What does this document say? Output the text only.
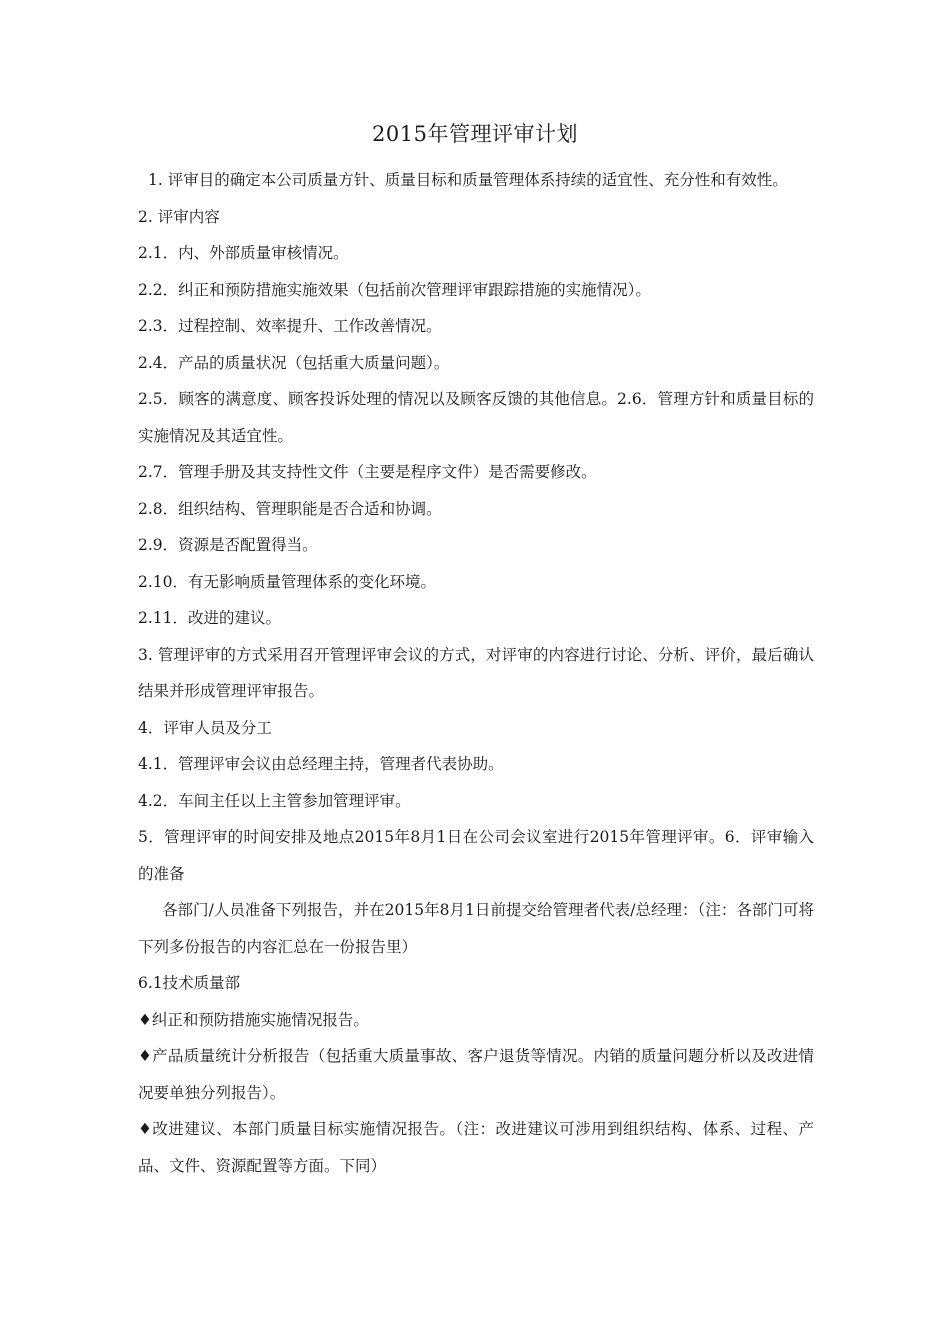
2015年管理评审计划

1. 评审目的确定本公司质量方针、质量目标和质量管理体系持续的适宜性、充分性和有效性。

2. 评审内容

2.1．内、外部质量审核情况。

2.2．纠正和预防措施实施效果（包括前次管理评审跟踪措施的实施情况）。

2.3．过程控制、效率提升、工作改善情况。

2.4．产品的质量状况（包括重大质量问题）。

2.5．顾客的满意度、顾客投诉处理的情况以及顾客反馈的其他信息。2.6．管理方针和质量目标的实施情况及其适宜性。

2.7．管理手册及其支持性文件（主要是程序文件）是否需要修改。

2.8．组织结构、管理职能是否合适和协调。

2.9．资源是否配置得当。

2.10．有无影响质量管理体系的变化环境。

2.11．改进的建议。

3. 管理评审的方式采用召开管理评审会议的方式，对评审的内容进行讨论、分析、评价，最后确认结果并形成管理评审报告。

4．评审人员及分工

4.1．管理评审会议由总经理主持，管理者代表协助。

4.2．车间主任以上主管参加管理评审。

5．管理评审的时间安排及地点2015年8月1日在公司会议室进行2015年管理评审。6．评审输入的准备

各部门/人员准备下列报告，并在2015年8月1日前提交给管理者代表/总经理：（注：各部门可将下列多份报告的内容汇总在一份报告里）

6.1技术质量部

♦纠正和预防措施实施情况报告。

♦产品质量统计分析报告（包括重大质量事故、客户退货等情况。内销的质量问题分析以及改进情况要单独分列报告）。

♦改进建议、本部门质量目标实施情况报告。（注：改进建议可涉用到组织结构、体系、过程、产品、文件、资源配置等方面。下同）
